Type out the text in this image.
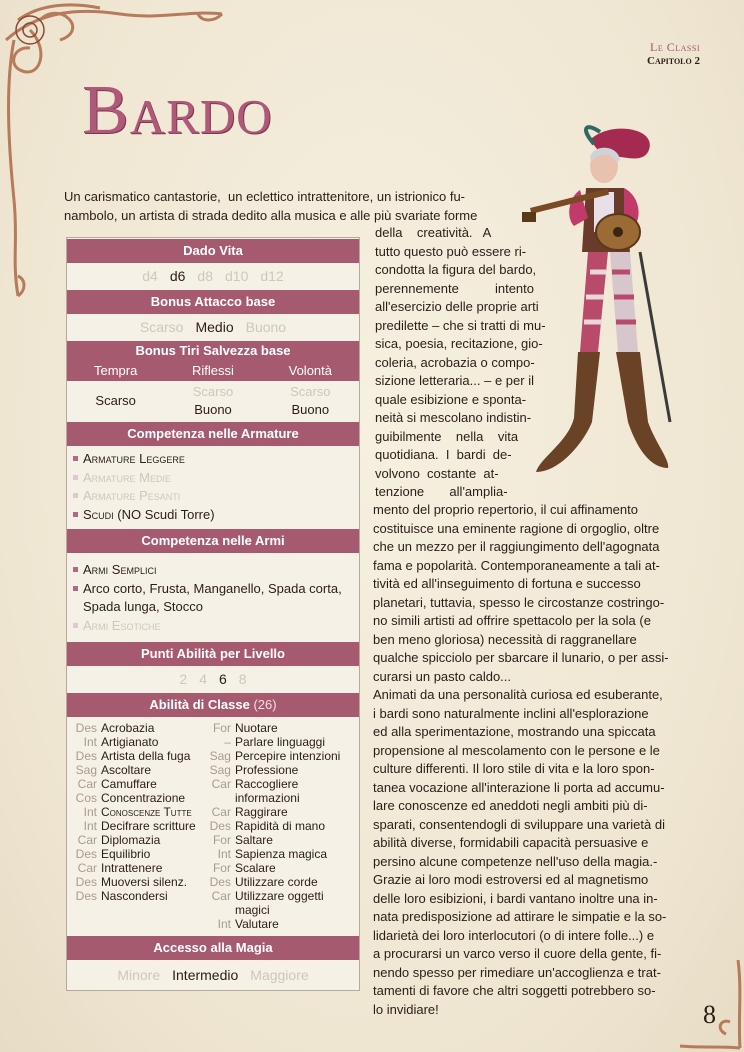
Le Classi
Capitolo 2
Bardo
Un carismatico cantastorie,  un eclettico intrattenitore, un istrionico fu-
nambolo, un artista di strada dedito alla musica e alle più svariate forme
della    creatività.   A
tutto questo può essere ri-
condotta la figura del bardo,
perennemente          intento
all'esercizio delle proprie arti
predilette – che si tratti di mu-
sica, poesia, recitazione, gio-
coleria, acrobazia o compo-
sizione letteraria... – e per il
quale esibizione e sponta-
neità si mescolano indistin-
guibilmente    nella    vita
quotidiana.  I  bardi  de-
volvono  costante  at-
tenzione       all'amplia-
mento del proprio repertorio, il cui affinamento
costituisce una eminente ragione di orgoglio, oltre
che un mezzo per il raggiungimento dell'agognata
fama e popolarità. Contemporaneamente a tali at-
tività ed all'inseguimento di fortuna e successo
planetari, tuttavia, spesso le circostanze costringo-
no simili artisti ad offrire spettacolo per la sola (e
ben meno gloriosa) necessità di raggranellare
qualche spicciolo per sbarcare il lunario, o per assi-
curarsi un pasto caldo...
Animati da una personalità curiosa ed esuberante,
i bardi sono naturalmente inclini all'esplorazione
ed alla sperimentazione, mostrando una spiccata
propensione al mescolamento con le persone e le
culture differenti. Il loro stile di vita e la loro spon-
tanea vocazione all'interazione li porta ad accumu-
lare conoscenze ed aneddoti negli ambiti più di-
sparati, consentendogli di sviluppare una varietà di
abilità diverse, formidabili capacità persuasive e
persino alcune competenze nell'uso della magia.-
Grazie ai loro modi estroversi ed al magnetismo
delle loro esibizioni, i bardi vantano inoltre una in-
nata predisposizione ad attirare le simpatie e la so-
lidarietà dei loro interlocutori (o di intere folle...) e
a procurarsi un varco verso il cuore della gente, fi-
nendo spesso per rimediare un'accoglienza e trat-
tamenti di favore che altri soggetti potrebbero so-
lo invidiare!
Dado Vita
d4 d6 d8 d10 d12
Bonus Attacco base
Scarso Medio Buono
Bonus Tiri Salvezza base
Tempra	Riflessi	Volontà
Scarso
Scarso
Buono
Scarso
Buono
Competenza nelle Armature
Armature Leggere
Armature Medie
Armature Pesanti
Scudi (NO Scudi Torre)
Competenza nelle Armi
Armi Semplici
Arco corto, Frusta, Manganello, Spada corta,
Spada lunga, Stocco
Armi Esotiche
Punti Abilità per Livello
2 4 6 8
Abilità di Classe (26)
Des Acrobazia
Int Artigianato
Des Artista della fuga
Sag Ascoltare
Car Camuffare
Cos Concentrazione
Int Conoscenze Tutte
Int Decifrare scritture
Car Diplomazia
Des Equilibrio
Car Intrattenere
Des Muoversi silenz.
Des Nascondersi
For Nuotare
– Parlare linguaggi
Sag Percepire intenzioni
Sag Professione
Car Raccogliere informazioni
Car Raggirare
Des Rapidità di mano
For Saltare
Int Sapienza magica
For Scalare
Des Utilizzare corde
Car Utilizzare oggetti magici
Int Valutare
Accesso alla Magia
Minore Intermedio Maggiore
8
